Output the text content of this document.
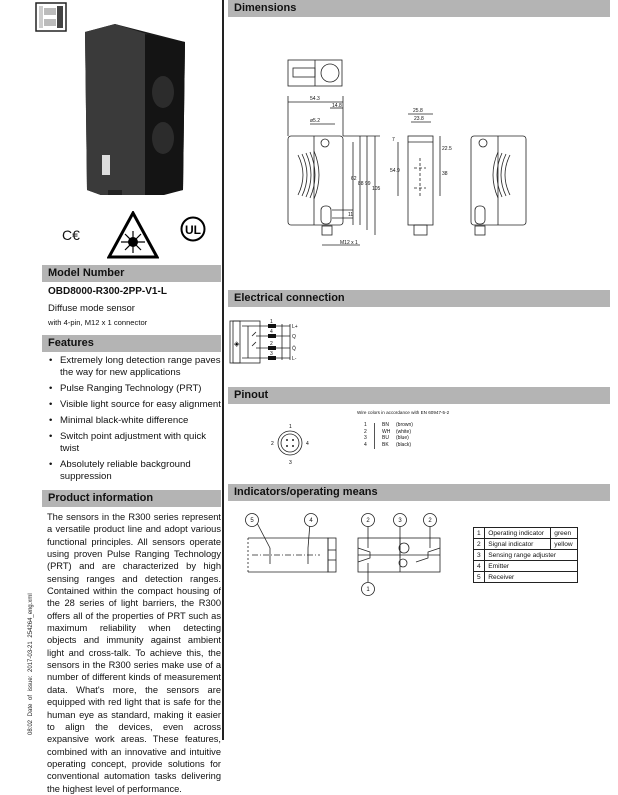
C€	UL
Model Number
OBD8000-R300-2PP-V1-L
Diffuse mode sensor
with 4-pin, M12 x 1 connector
Features
• Extremely long detection range paves the way for new applications
• Pulse Ranging Technology (PRT)
• Visible light source for easy alignment
• Minimal black-white difference
• Switch point adjustment with quick twist
• Absolutely reliable background suppression
Product information
The sensors in the R300 series represent a versatile product line and adopt various functional principles. All sensors operate using proven Pulse Ranging Technology (PRT) and are characterized by high sensing ranges and detection ranges. Contained within the compact housing of the 28 series of light barriers, the R300 offers all of the properties of PRT such as maximum reliability when detecting objects and immunity against ambient light and cross-talk. To achieve this, the sensors in the R300 series make use of a number of different kinds of measurement data. What's more, the sensors are equipped with red light that is safe for the human eye as standard, making it easier to align the devices, even across expansive work areas. These features, combined with an innovative and intuitive operating concept, provide solutions for conventional automation tasks delivering the highest level of performance.
08:02 Date of issue: 2017-03-21 254264_eng.xml
Dimensions
54.3
14.8
ø5.2
62
88 99
105
11
M12 x 1
25.8
23.8
7
54.9
22.5
38
Electrical connection
1
4
2
3
L+
Q
Q̄
L-
◈
Pinout
1
2
3
4
Wire colors in accordance with EN 60947-5-2
1	BN	(brown)
2	WH	(white)
3	BU	(blue)
4	BK	(black)
Indicators/operating means
5	4	2	3	2
1
1	Operating indicator	green
2	Signal indicator	yellow
3	Sensing range adjuster	
4	Emitter	
5	Receiver	
